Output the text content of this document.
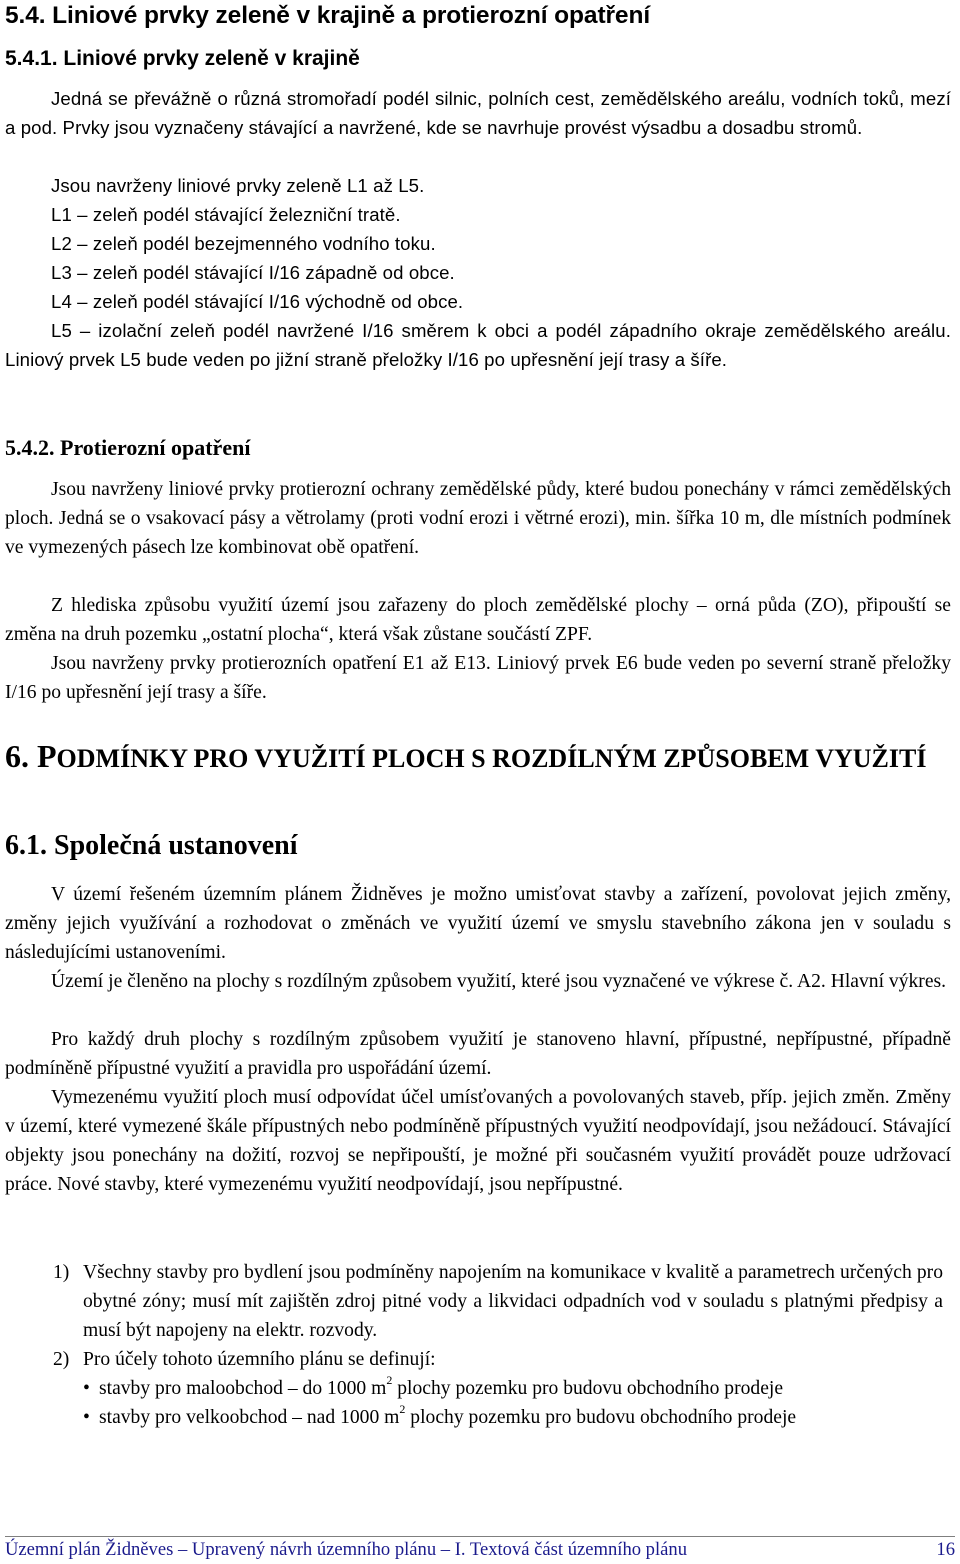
5.4. Liniové prvky zeleně v krajině a protierozní opatření
5.4.1. Liniové prvky zeleně v krajině
Jedná se převážně o různá stromořadí podél silnic, polních cest, zemědělského areálu, vodních toků, mezí a pod. Prvky jsou vyznačeny stávající a navržené, kde se navrhuje provést výsadbu a dosadbu stromů.
Jsou navrženy liniové prvky zeleně L1 až L5.
L1 – zeleň podél stávající železniční tratě.
L2 – zeleň podél bezejmenného vodního toku.
L3 – zeleň podél stávající I/16 západně od obce.
L4 – zeleň podél stávající I/16 východně od obce.
L5 – izolační zeleň podél navržené I/16 směrem k obci a podél západního okraje zemědělského areálu. Liniový prvek L5 bude veden po jižní straně přeložky I/16 po upřesnění její trasy a šíře.
5.4.2. Protierozní opatření
Jsou navrženy liniové prvky protierozní ochrany zemědělské půdy, které budou ponechány v rámci zemědělských ploch. Jedná se o vsakovací pásy a větrolamy (proti vodní erozi i větrné erozi), min. šířka 10 m, dle místních podmínek ve vymezených pásech lze kombinovat obě opatření.
Z hlediska způsobu využití území jsou zařazeny do ploch zemědělské plochy – orná půda (ZO), připouští se změna na druh pozemku „ostatní plocha“, která však zůstane součástí ZPF.
Jsou navrženy prvky protierozních opatření E1 až E13. Liniový prvek E6 bude veden po severní straně přeložky I/16 po upřesnění její trasy a šíře.
6. PODMÍNKY PRO VYUŽITÍ PLOCH S ROZDÍLNÝM ZPŮSOBEM VYUŽITÍ
6.1. Společná ustanovení
V území řešeném územním plánem Židněves je možno umisťovat stavby a zařízení, povolovat jejich změny, změny jejich využívání a rozhodovat o změnách ve využití území ve smyslu stavebního zákona jen v souladu s následujícími ustanoveními.
Území je členěno na plochy s rozdílným způsobem využití, které jsou vyznačené ve výkrese č. A2. Hlavní výkres.
Pro každý druh plochy s rozdílným způsobem využití je stanoveno hlavní, přípustné, nepřípustné, případně podmíněně přípustné využití a pravidla pro uspořádání území.
Vymezenému využití ploch musí odpovídat účel umísťovaných a povolovaných staveb, příp. jejich změn. Změny v území, které vymezené škále přípustných nebo podmíněně přípustných využití neodpovídají, jsou nežádoucí. Stávající objekty jsou ponechány na dožití, rozvoj se nepřipouští, je možné při současném využití provádět pouze udržovací práce. Nové stavby, které vymezenému využití neodpovídají, jsou nepřípustné.
1) Všechny stavby pro bydlení jsou podmíněny napojením na komunikace v kvalitě a parametrech určených pro obytné zóny; musí mít zajištěn zdroj pitné vody a likvidaci odpadních vod v souladu s platnými předpisy a musí být napojeny na elektr. rozvody.
2) Pro účely tohoto územního plánu se definují:
• stavby pro maloobchod – do 1000 $m^2$ plochy pozemku pro budovu obchodního prodeje
• stavby pro velkoobchod – nad 1000 $m^2$ plochy pozemku pro budovu obchodního prodeje
Územní plán Židněves – Upravený návrh územního plánu – I. Textová část územního plánu	16
